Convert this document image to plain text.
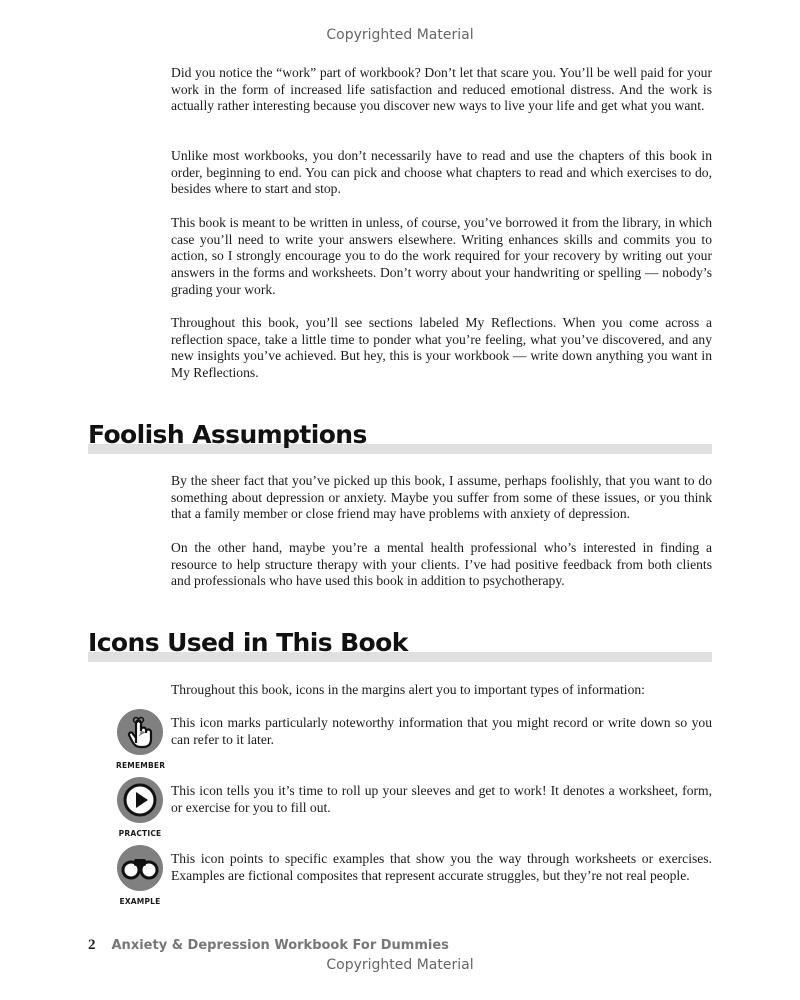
Copyrighted Material

Did you notice the “work” part of workbook? Don’t let that scare you. You’ll be well paid for your work in the form of increased life satisfaction and reduced emotional distress. And the work is actually rather interesting because you discover new ways to live your life and get what you want.

Unlike most workbooks, you don’t necessarily have to read and use the chapters of this book in order, beginning to end. You can pick and choose what chapters to read and which exercises to do, besides where to start and stop.

This book is meant to be written in unless, of course, you’ve borrowed it from the library, in which case you’ll need to write your answers elsewhere. Writing enhances skills and commits you to action, so I strongly encourage you to do the work required for your recovery by writing out your answers in the forms and worksheets. Don’t worry about your handwriting or spelling — nobody’s grading your work.

Throughout this book, you’ll see sections labeled My Reflections. When you come across a reflection space, take a little time to ponder what you’re feeling, what you’ve discovered, and any new insights you’ve achieved. But hey, this is your workbook — write down anything you want in My Reflections.

Foolish Assumptions

By the sheer fact that you’ve picked up this book, I assume, perhaps foolishly, that you want to do something about depression or anxiety. Maybe you suffer from some of these issues, or you think that a family member or close friend may have problems with anxiety of depression.

On the other hand, maybe you’re a mental health professional who’s interested in finding a resource to help structure therapy with your clients. I’ve had positive feedback from both clients and professionals who have used this book in addition to psychotherapy.

Icons Used in This Book

Throughout this book, icons in the margins alert you to important types of information:

REMEMBER

This icon marks particularly noteworthy information that you might record or write down so you can refer to it later.

PRACTICE

This icon tells you it’s time to roll up your sleeves and get to work! It denotes a worksheet, form, or exercise for you to fill out.

EXAMPLE

This icon points to specific examples that show you the way through worksheets or exercises. Examples are fictional composites that represent accurate struggles, but they’re not real people.

2 Anxiety & Depression Workbook For Dummies
Copyrighted Material
